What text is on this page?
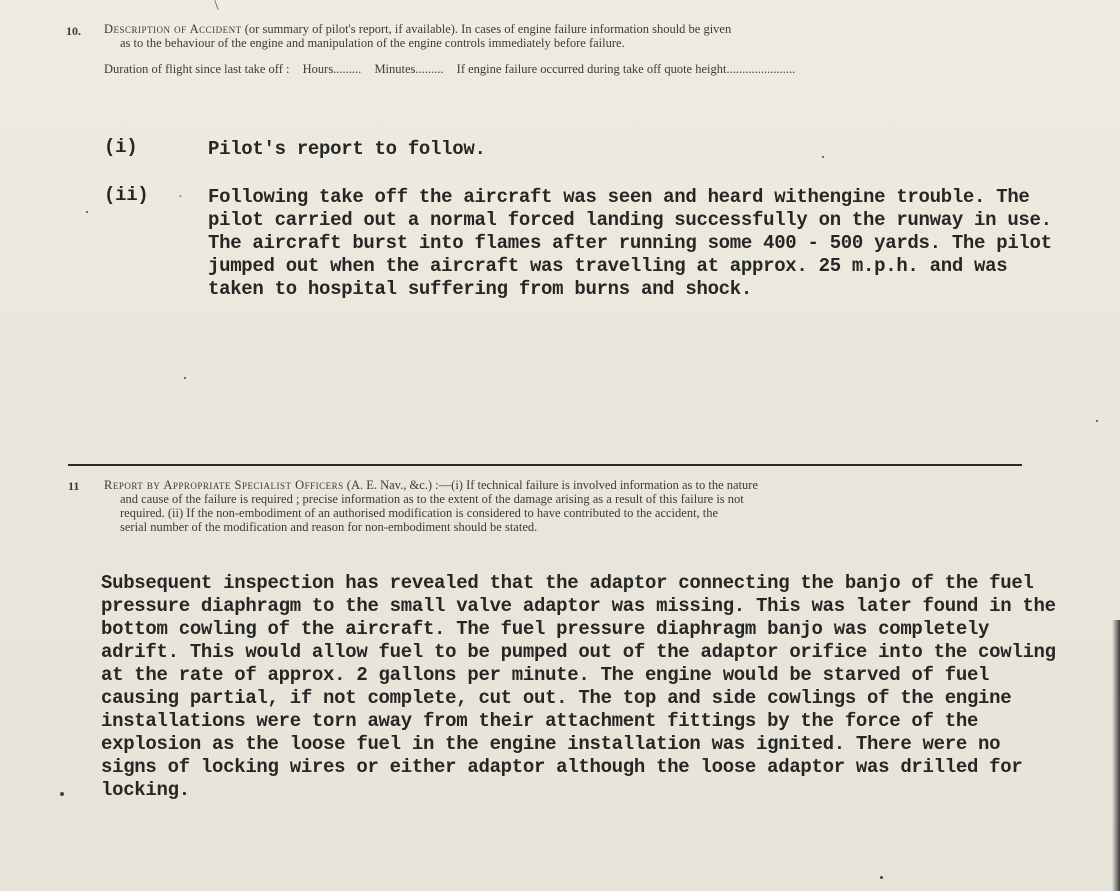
10. Description of Accident (or summary of pilot's report, if available). In cases of engine failure information should be given
as to the behaviour of the engine and manipulation of the engine controls immediately before failure.
Duration of flight since last take off : Hours......... Minutes......... If engine failure occurred during take off quote height......................
(i)	Pilot's report to follow.
(ii) · Following take off the aircraft was seen and heard withengine trouble. The
pilot carried out a normal forced landing successfully on the runway in use.
The aircraft burst into flames after running some 400 - 500 yards. The pilot
jumped out when the aircraft was travelling at approx. 25 m.p.h. and was
taken to hospital suffering from burns and shock.
11 Report by Appropriate Specialist Officers (A. E. Nav., &c.) :—(i) If technical failure is involved information as to the nature
and cause of the failure is required ; precise information as to the extent of the damage arising as a result of this failure is not
required. (ii) If the non-embodiment of an authorised modification is considered to have contributed to the accident, the
serial number of the modification and reason for non-embodiment should be stated.
Subsequent inspection has revealed that the adaptor connecting the banjo of the fuel
pressure diaphragm to the small valve adaptor was missing. This was later found in the
bottom cowling of the aircraft. The fuel pressure diaphragm banjo was completely
adrift. This would allow fuel to be pumped out of the adaptor orifice into the cowling
at the rate of approx. 2 gallons per minute. The engine would be starved of fuel
causing partial, if not complete, cut out. The top and side cowlings of the engine
installations were torn away from their attachment fittings by the force of the
explosion as the loose fuel in the engine installation was ignited. There were no
signs of locking wires or either adaptor although the loose adaptor was drilled for
locking.
